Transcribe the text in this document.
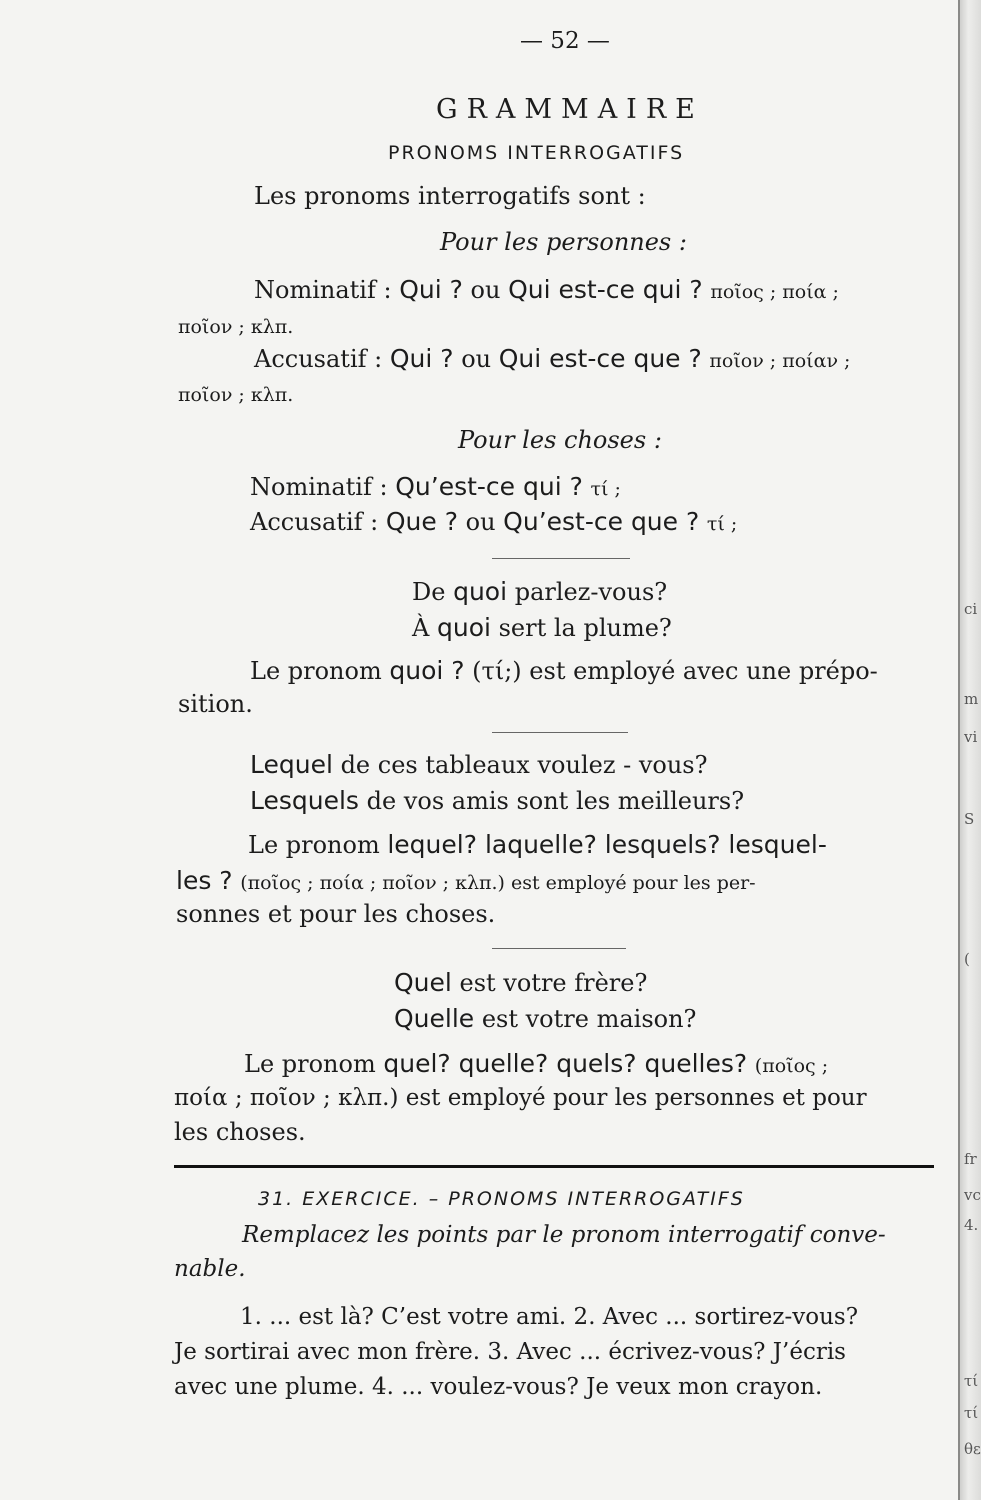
— 52 —
GRAMMAIRE
PRONOMS INTERROGATIFS
Les pronoms interrogatifs sont :
Pour les personnes :
Nominatif : Qui ? ou Qui est-ce qui ? ποῖος ; ποία ;
ποῖον ; κλπ.
Accusatif : Qui ? ou Qui est-ce que ? ποῖον ; ποίαν ;
ποῖον ; κλπ.
Pour les choses :
Nominatif : Qu’est-ce qui ? τί ;
Accusatif : Que ? ou Qu’est-ce que ? τί ;
De quoi parlez-vous?
À quoi sert la plume?
Le pronom quoi ? (τί;) est employé avec une prépo-
sition.
Lequel de ces tableaux voulez - vous?
Lesquels de vos amis sont les meilleurs?
Le pronom lequel? laquelle? lesquels? lesquel-
les ? (ποῖος ; ποία ; ποῖον ; κλπ.) est employé pour les per-
sonnes et pour les choses.
Quel est votre frère?
Quelle est votre maison?
Le pronom quel? quelle? quels? quelles? (ποῖος ;
ποία ; ποῖον ; κλπ.) est employé pour les personnes et pour
les choses.
31. EXERCICE. – PRONOMS INTERROGATIFS
Remplacez les points par le pronom interrogatif conve-
nable.
1. ... est là? C’est votre ami. 2. Avec ... sortirez-vous?
Je sortirai avec mon frère. 3. Avec ... écrivez-vous? J’écris
avec une plume. 4. ... voulez-vous? Je veux mon crayon.
ci
m
vi
S
(
fr
vc
4.
τί
τί
θε
